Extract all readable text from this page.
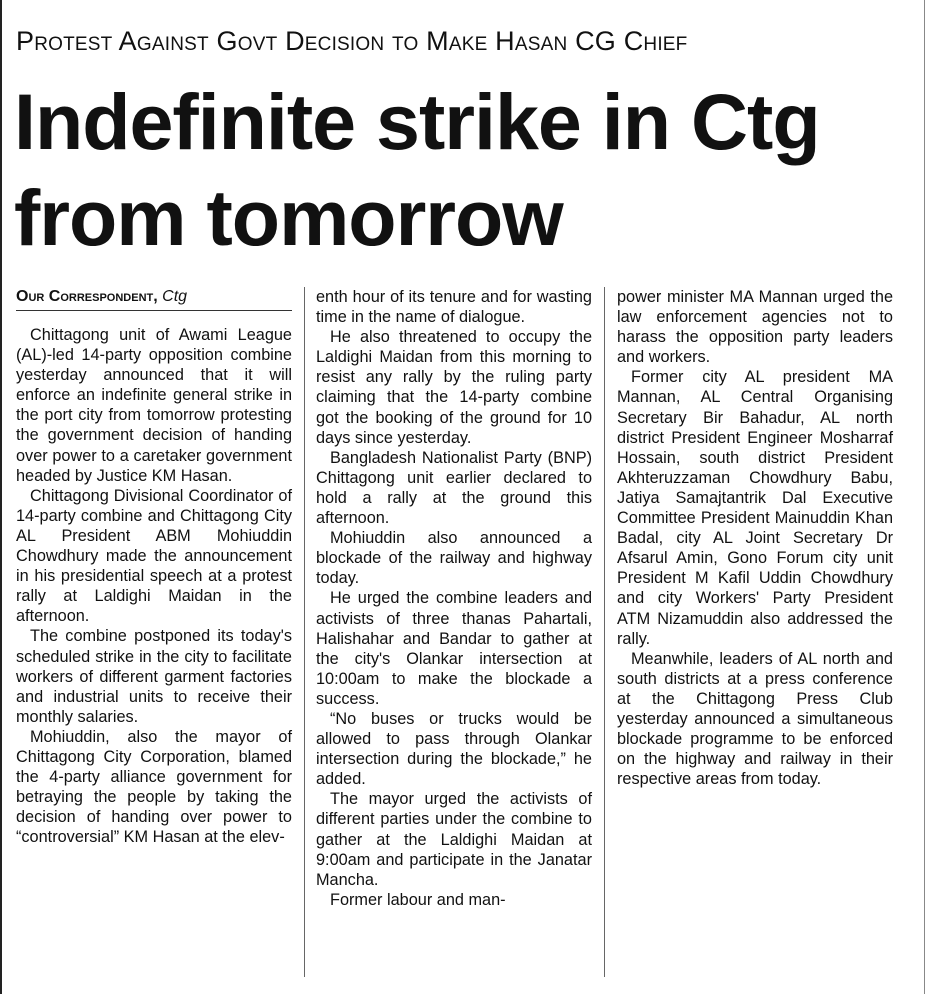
Protest Against Govt Decision to Make Hasan CG Chief
Indefinite strike in Ctg from tomorrow
Our Correspondent, Ctg

Chittagong unit of Awami League (AL)-led 14-party opposition combine yesterday announced that it will enforce an indefinite general strike in the port city from tomorrow protesting the government decision of handing over power to a caretaker government headed by Justice KM Hasan.

Chittagong Divisional Coordinator of 14-party combine and Chittagong City AL President ABM Mohiuddin Chowdhury made the announcement in his presidential speech at a protest rally at Laldighi Maidan in the afternoon.

The combine postponed its today's scheduled strike in the city to facilitate workers of different garment factories and industrial units to receive their monthly salaries.

Mohiuddin, also the mayor of Chittagong City Corporation, blamed the 4-party alliance government for betraying the people by taking the decision of handing over power to “controversial” KM Hasan at the elev-

enth hour of its tenure and for wasting time in the name of dialogue.

He also threatened to occupy the Laldighi Maidan from this morning to resist any rally by the ruling party claiming that the 14-party combine got the booking of the ground for 10 days since yesterday.

Bangladesh Nationalist Party (BNP) Chittagong unit earlier declared to hold a rally at the ground this afternoon.

Mohiuddin also announced a blockade of the railway and highway today.

He urged the combine leaders and activists of three thanas Pahartali, Halishahar and Bandar to gather at the city's Olankar intersection at 10:00am to make the blockade a success.

“No buses or trucks would be allowed to pass through Olankar intersection during the blockade,” he added.

The mayor urged the activists of different parties under the combine to gather at the Laldighi Maidan at 9:00am and participate in the Janatar Mancha.

Former labour and man-

power minister MA Mannan urged the law enforcement agencies not to harass the opposition party leaders and workers.

Former city AL president MA Mannan, AL Central Organising Secretary Bir Bahadur, AL north district President Engineer Mosharraf Hossain, south district President Akhteruzzaman Chowdhury Babu, Jatiya Samajtantrik Dal Executive Committee President Mainuddin Khan Badal, city AL Joint Secretary Dr Afsarul Amin, Gono Forum city unit President M Kafil Uddin Chowdhury and city Workers' Party President ATM Nizamuddin also addressed the rally.

Meanwhile, leaders of AL north and south districts at a press conference at the Chittagong Press Club yesterday announced a simultaneous blockade programme to be enforced on the highway and railway in their respective areas from today.
